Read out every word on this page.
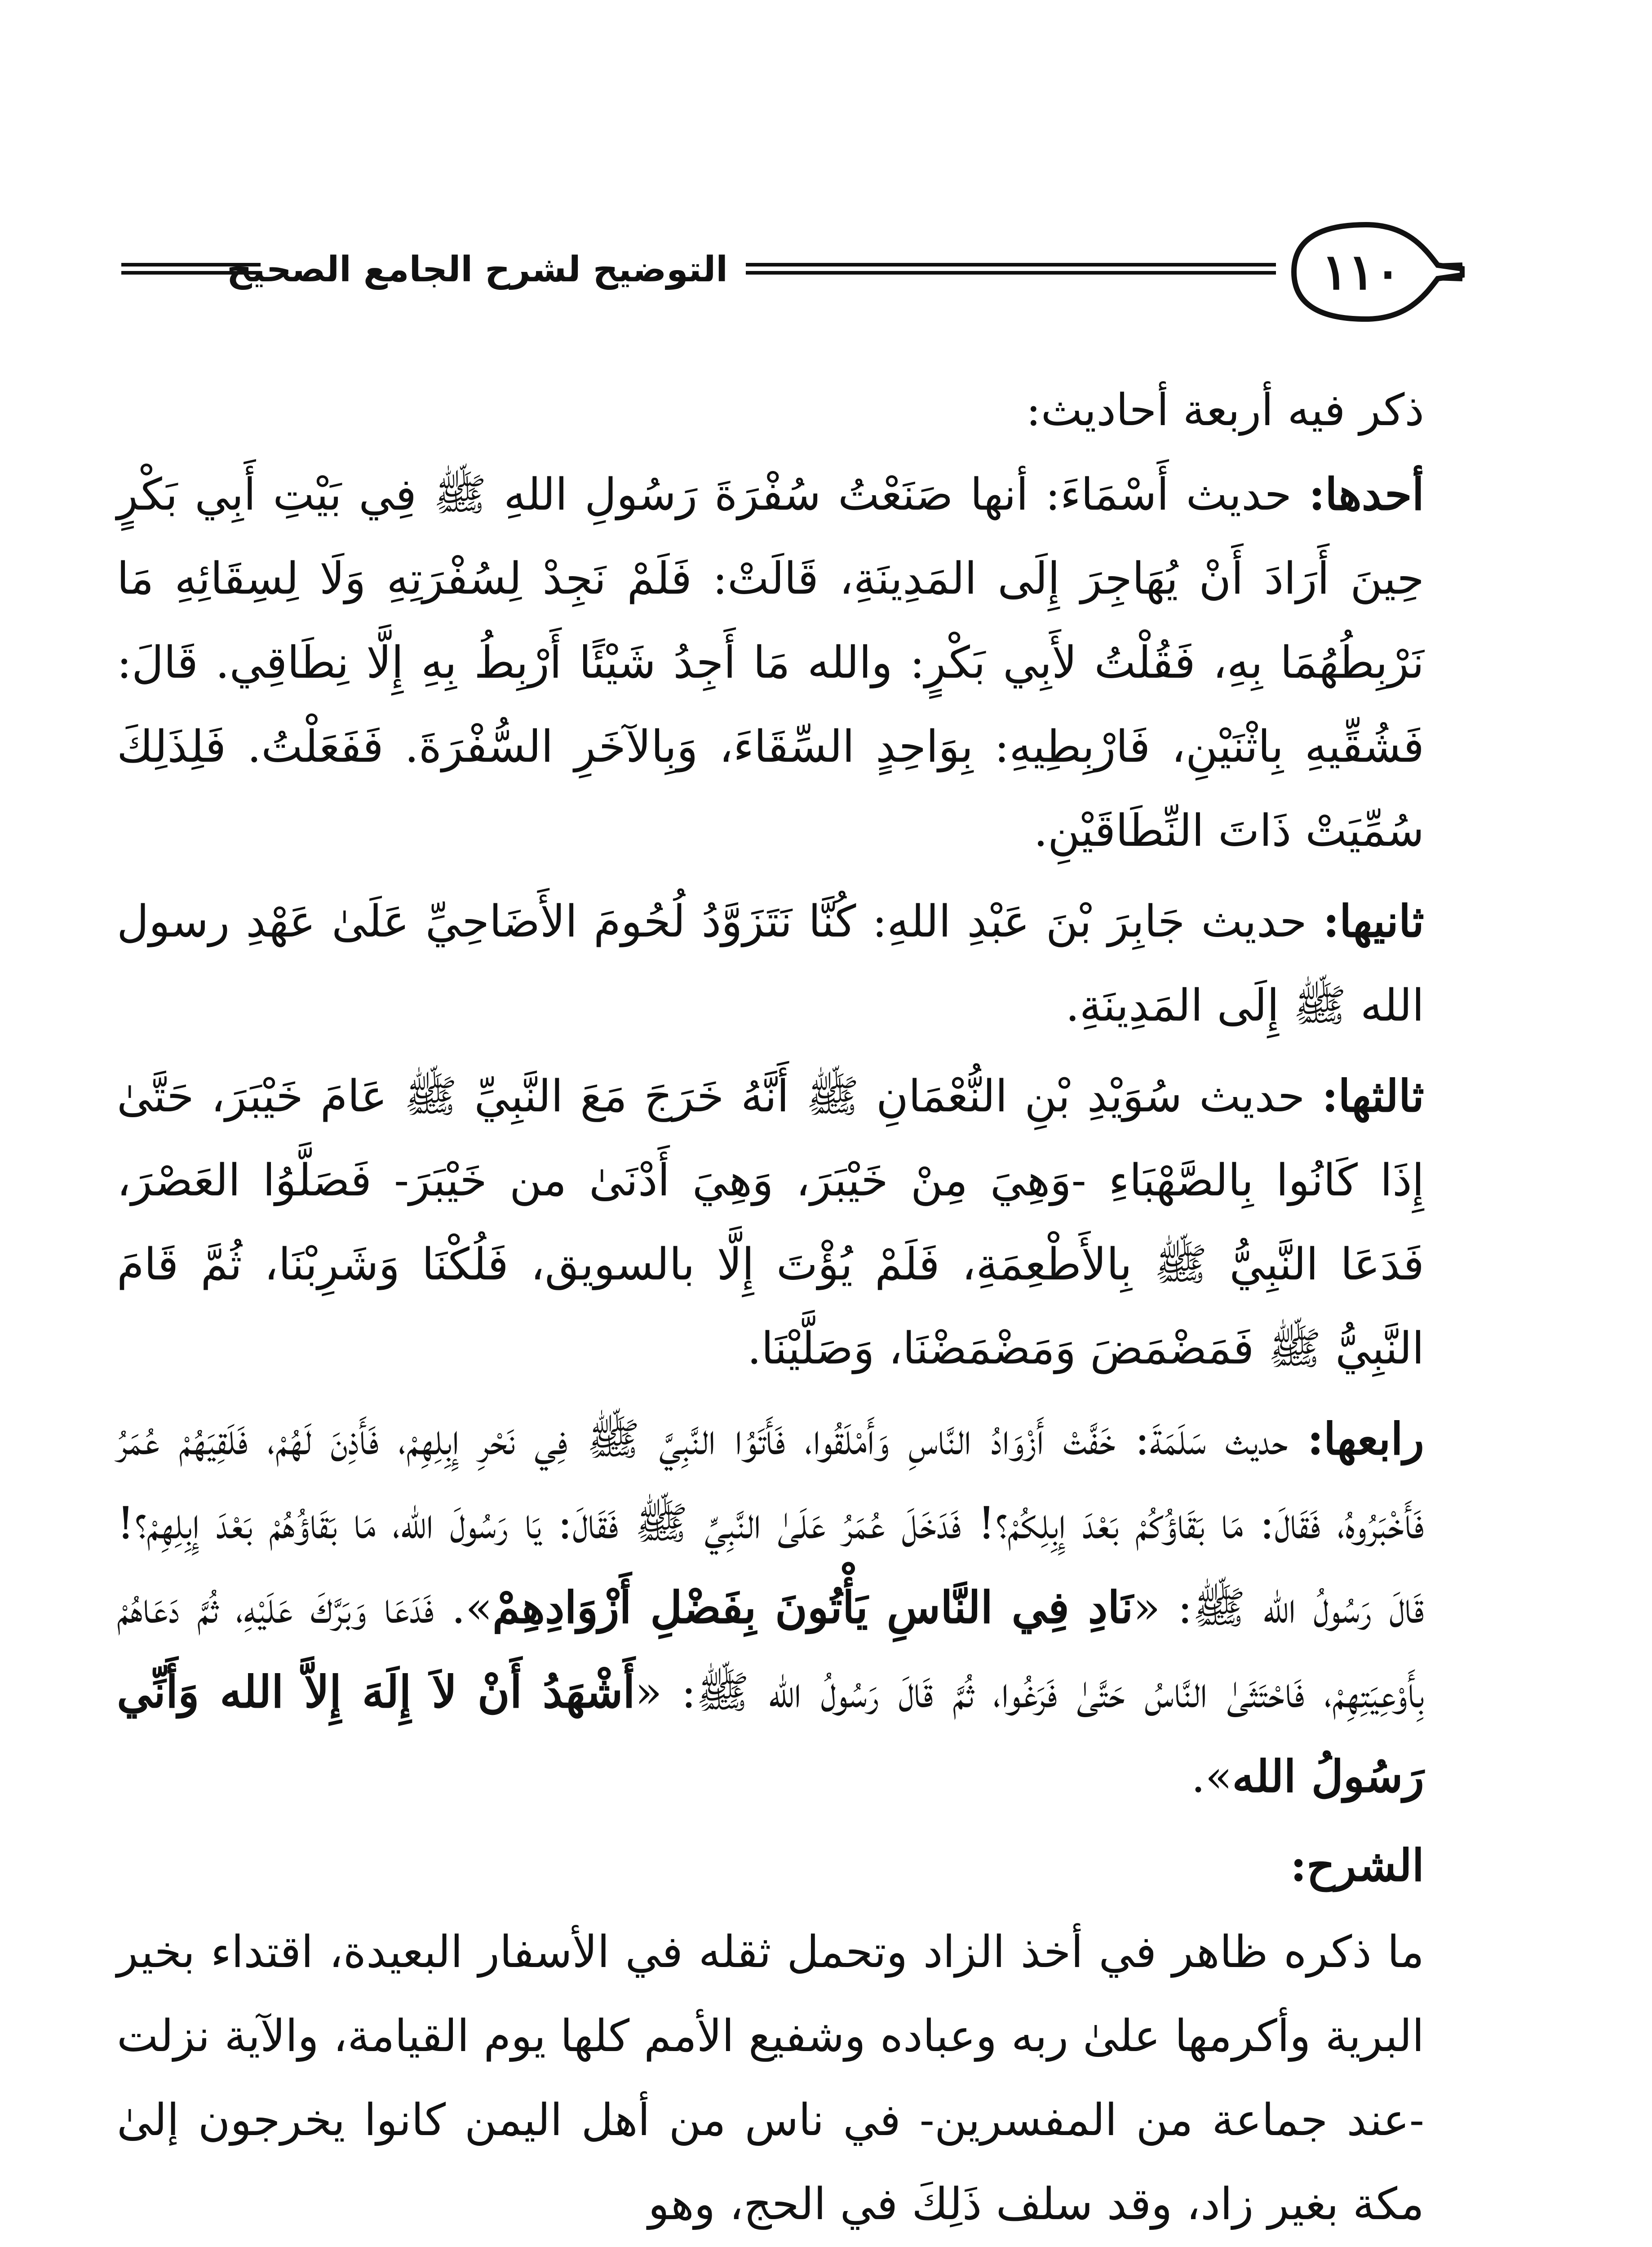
التوضيح لشرح الجامع الصحيح	١١٠

ذكر فيه أربعة أحاديث:

أحدها: حديث أَسْمَاءَ: أنها صَنَعْتُ سُفْرَةَ رَسُولِ اللهِ ﷺ فِي بَيْتِ أَبِي بَكْرٍ حِينَ أَرَادَ أَنْ يُهَاجِرَ إِلَى المَدِينَةِ، قَالَتْ: فَلَمْ نَجِدْ لِسُفْرَتِهِ وَلَا لِسِقَائِهِ مَا نَرْبِطُهُمَا بِهِ، فَقُلْتُ لأَبِي بَكْرٍ: والله مَا أَجِدُ شَيْئًا أَرْبِطُ بِهِ إِلَّا نِطَاقِي. قَالَ: فَشُقِّيهِ بِاثْنَيْنِ، فَارْبِطِيهِ: بِوَاحِدٍ السِّقَاءَ، وَبِالآخَرِ السُّفْرَةَ. فَفَعَلْتُ. فَلِذَلِكَ سُمِّيَتْ ذَاتَ النِّطَاقَيْنِ.

ثانيها: حديث جَابِرَ بْنَ عَبْدِ اللهِ: كُنَّا نَتَزَوَّدُ لُحُومَ الأَضَاحِيِّ عَلَىٰ عَهْدِ رسول الله ﷺ إِلَى المَدِينَةِ.

ثالثها: حديث سُوَيْدِ بْنِ النُّعْمَانِ ﷺ أَنَّهُ خَرَجَ مَعَ النَّبِيِّ ﷺ عَامَ خَيْبَرَ، حَتَّىٰ إِذَا كَانُوا بِالصَّهْبَاءِ -وَهِيَ مِنْ خَيْبَرَ، وَهِيَ أَدْنَىٰ من خَيْبَرَ- فَصَلَّوُا العَصْرَ، فَدَعَا النَّبِيُّ ﷺ بِالأَطْعِمَةِ، فَلَمْ يُؤْتَ إِلَّا بالسويق، فَلُكْنَا وَشَرِبْنَا، ثُمَّ قَامَ النَّبِيُّ ﷺ فَمَضْمَضَ وَمَضْمَضْنَا، وَصَلَّيْنَا.

رابعها: حديث سَلَمَةَ: خَفَّتْ أَزْوَادُ النَّاسِ وَأَمْلَقُوا، فَأَتَوُا النَّبِيَّ ﷺ فِي نَحْرِ إِبِلِهِمْ، فَأَذِنَ لَهُمْ، فَلَقِيَهُمْ عُمَرُ فَأَخْبَرُوهُ، فَقَالَ: مَا بَقَاؤُكُمْ بَعْدَ إِبِلِكُمْ؟! فَدَخَلَ عُمَرُ عَلَىٰ النَّبِيِّ ﷺ فَقَالَ: يَا رَسُولَ الله، مَا بَقَاؤُهُمْ بَعْدَ إِبِلِهِمْ؟! قَالَ رَسُولُ الله ﷺ: «نَادِ فِي النَّاسِ يَأْتُونَ بِفَضْلِ أَزْوَادِهِمْ». فَدَعَا وَبَرَّكَ عَلَيْهِ، ثُمَّ دَعَاهُمْ بِأَوْعِيَتِهِمْ، فَاحْتَثَىٰ النَّاسُ حَتَّىٰ فَرَغُوا، ثُمَّ قَالَ رَسُولُ الله ﷺ: «أَشْهَدُ أَنْ لاَ إِلَهَ إِلاَّ الله وَأَنِّي رَسُولُ الله».

الشرح:

ما ذكره ظاهر في أخذ الزاد وتحمل ثقله في الأسفار البعيدة، اقتداء بخير البرية وأكرمها علىٰ ربه وعباده وشفيع الأمم كلها يوم القيامة، والآية نزلت -عند جماعة من المفسرين- في ناس من أهل اليمن كانوا يخرجون إلىٰ مكة بغير زاد، وقد سلف ذَلِكَ في الحج، وهو
